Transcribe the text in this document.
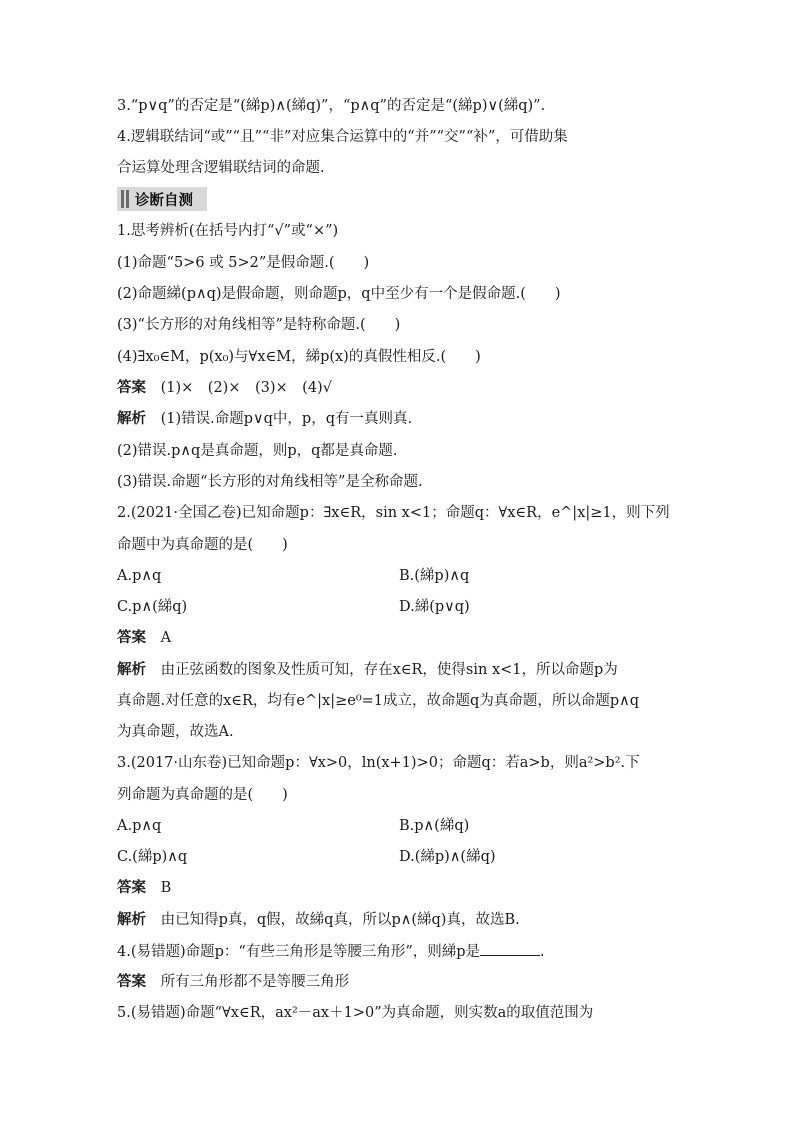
3.“p∨q”的否定是“(綈p)∧(綈q)”，“p∧q”的否定是“(綈p)∨(綈q)”.
4.逻辑联结词“或”“且”“非”对应集合运算中的“并”“交”“补”，可借助集
合运算处理含逻辑联结词的命题.
诊断自测
1.思考辨析(在括号内打“√”或“×”)
(1)命题“5>6 或 5>2”是假命题.(　　)
(2)命题綈(p∧q)是假命题，则命题p，q中至少有一个是假命题.(　　)
(3)“长方形的对角线相等”是特称命题.(　　)
(4)∃x₀∈M，p(x₀)与∀x∈M，綈p(x)的真假性相反.(　　)
答案 (1)×　(2)×　(3)×　(4)√
解析 (1)错误.命题p∨q中，p，q有一真则真.
(2)错误.p∧q是真命题，则p，q都是真命题.
(3)错误.命题“长方形的对角线相等”是全称命题.
2.(2021·全国乙卷)已知命题p：∃x∈R，sin x<1；命题q：∀x∈R，e^|x|≥1，则下列
命题中为真命题的是(　　)
A.p∧q	B.(綈p)∧q
C.p∧(綈q)	D.綈(p∨q)
答案 A
解析 由正弦函数的图象及性质可知，存在x∈R，使得sin x<1，所以命题p为
真命题.对任意的x∈R，均有e^|x|≥e⁰=1成立，故命题q为真命题，所以命题p∧q
为真命题，故选A.
3.(2017·山东卷)已知命题p：∀x>0，ln(x+1)>0；命题q：若a>b，则a²>b².下
列命题为真命题的是(　　)
A.p∧q	B.p∧(綈q)
C.(綈p)∧q	D.(綈p)∧(綈q)
答案 B
解析 由已知得p真，q假，故綈q真，所以p∧(綈q)真，故选B.
4.(易错题)命题p：“有些三角形是等腰三角形”，则綈p是	.
答案 所有三角形都不是等腰三角形
5.(易错题)命题“∀x∈R，ax²－ax＋1>0”为真命题，则实数a的取值范围为
